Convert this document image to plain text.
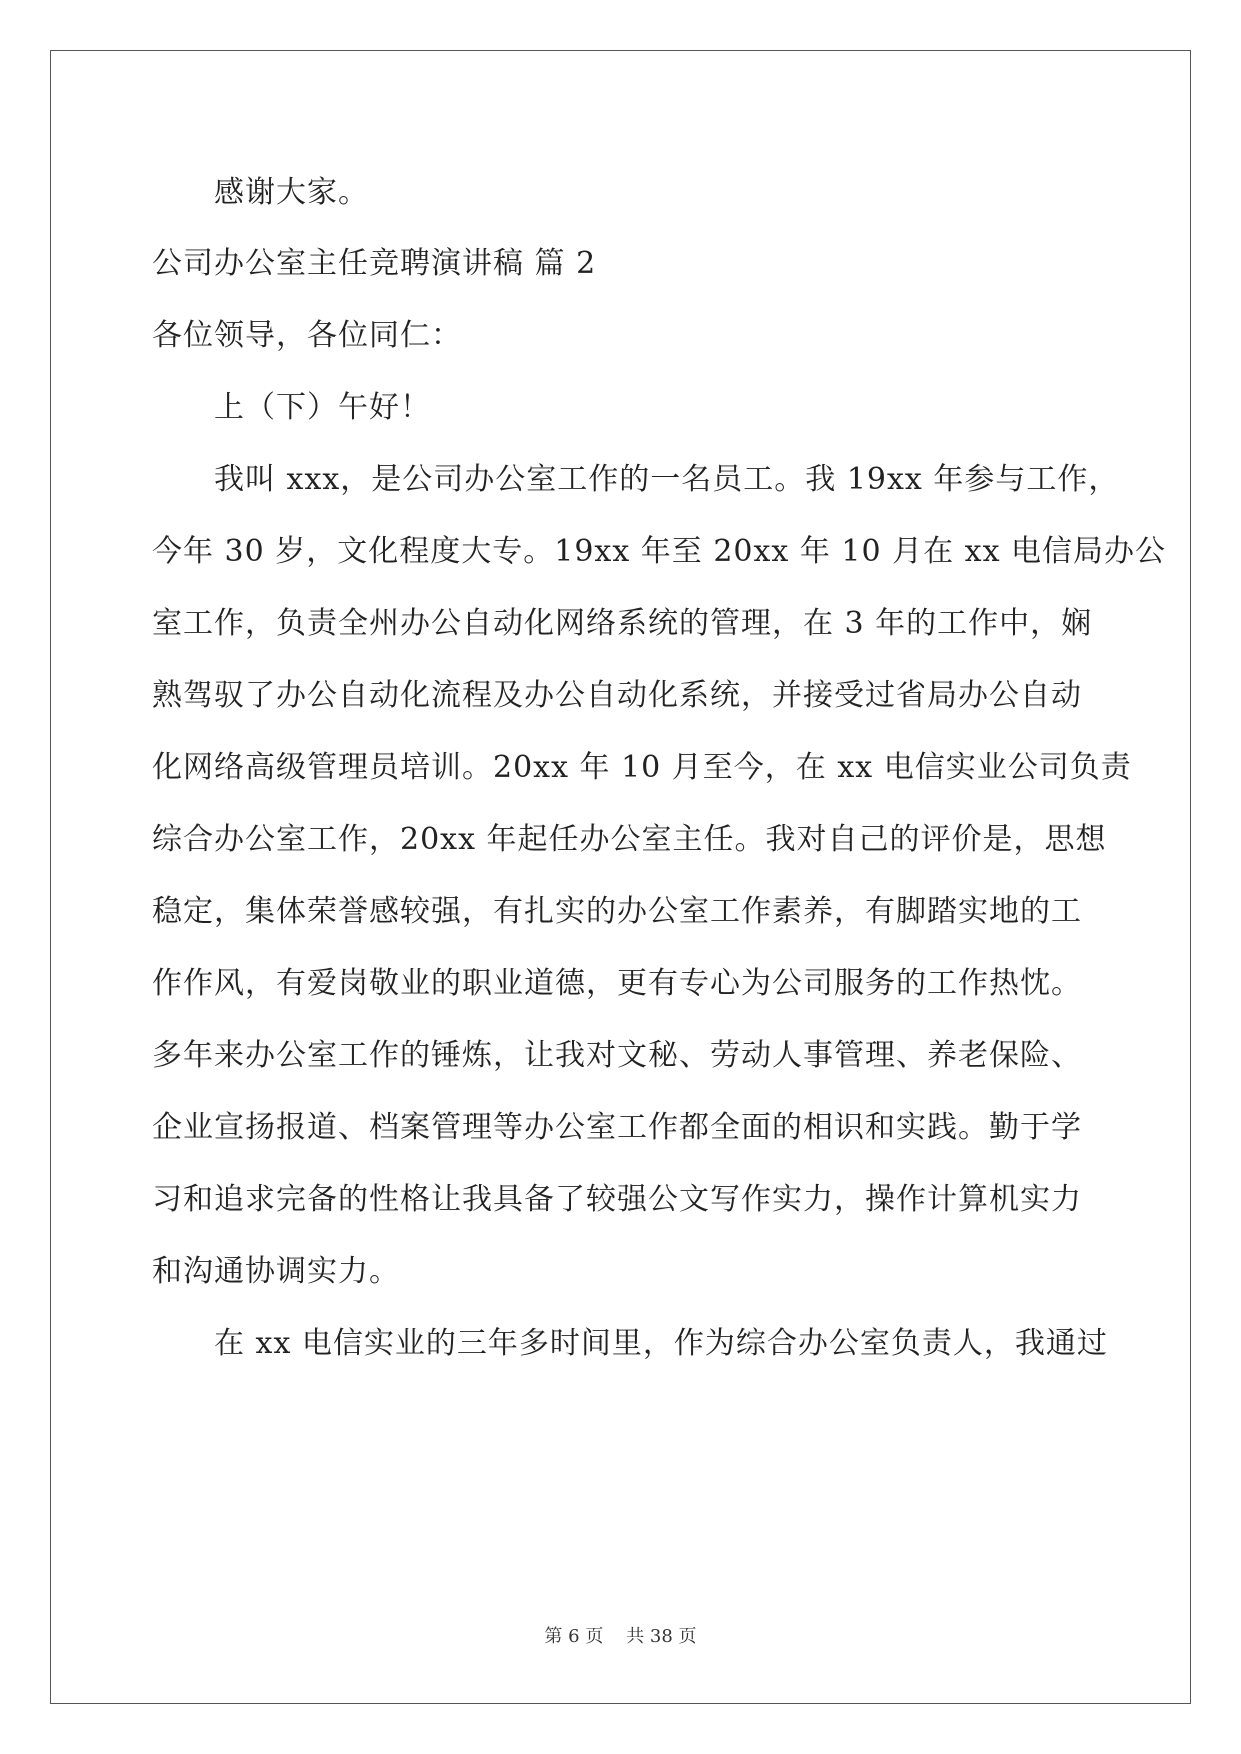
感谢大家。
公司办公室主任竞聘演讲稿 篇 2
各位领导，各位同仁：
上（下）午好！
我叫 xxx，是公司办公室工作的一名员工。我 19xx 年参与工作，
今年 30 岁，文化程度大专。19xx 年至 20xx 年 10 月在 xx 电信局办公
室工作，负责全州办公自动化网络系统的管理，在 3 年的工作中，娴
熟驾驭了办公自动化流程及办公自动化系统，并接受过省局办公自动
化网络高级管理员培训。20xx 年 10 月至今，在 xx 电信实业公司负责
综合办公室工作，20xx 年起任办公室主任。我对自己的评价是，思想
稳定，集体荣誉感较强，有扎实的办公室工作素养，有脚踏实地的工
作作风，有爱岗敬业的职业道德，更有专心为公司服务的工作热忱。
多年来办公室工作的锤炼，让我对文秘、劳动人事管理、养老保险、
企业宣扬报道、档案管理等办公室工作都全面的相识和实践。勤于学
习和追求完备的性格让我具备了较强公文写作实力，操作计算机实力
和沟通协调实力。
在 xx 电信实业的三年多时间里，作为综合办公室负责人，我通过
第 6 页    共 38 页
